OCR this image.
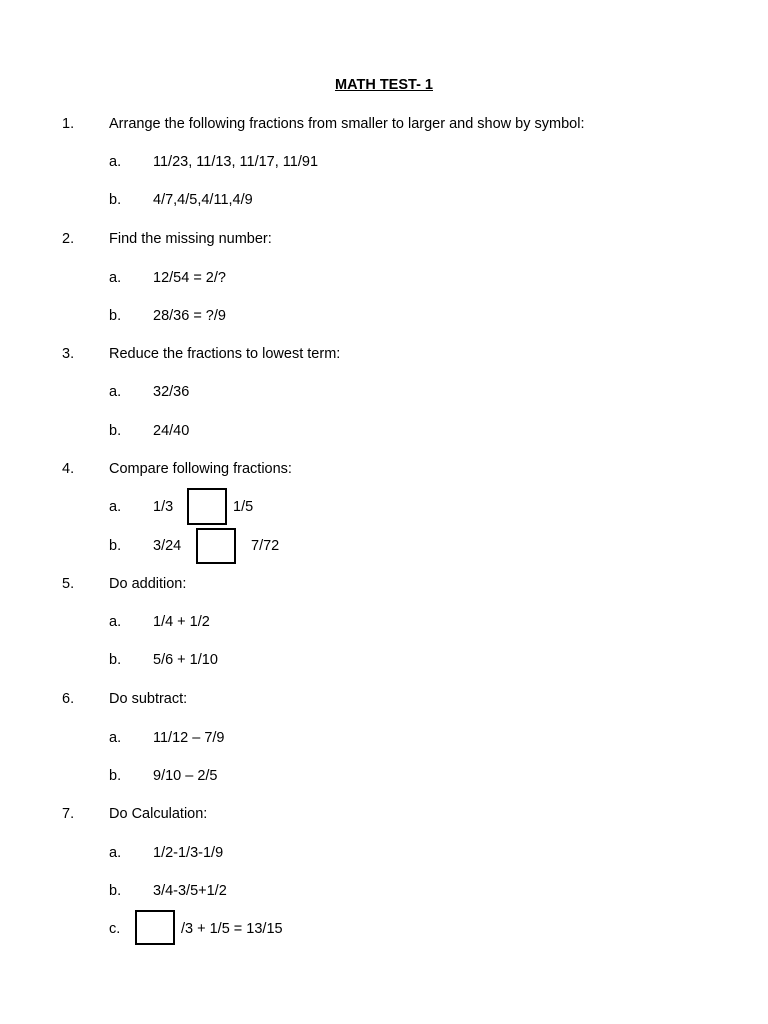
MATH TEST- 1
1. Arrange the following fractions from smaller to larger and show by symbol:
a. 11/23, 11/13, 11/17, 11/91
b. 4/7,4/5,4/11,4/9
2. Find the missing number:
a. 12/54 = 2/?
b. 28/36 = ?/9
3. Reduce the fractions to lowest term:
a. 32/36
b. 24/40
4. Compare following fractions:
a. 1/3	1/5
b. 3/24	7/72
5. Do addition:
a. 1/4 + 1/2
b. 5/6 + 1/10
6. Do subtract:
a. 11/12 – 7/9
b. 9/10 – 2/5
7. Do Calculation:
a. 1/2-1/3-1/9
b. 3/4-3/5+1/2
c.	/3 + 1/5 = 13/15
